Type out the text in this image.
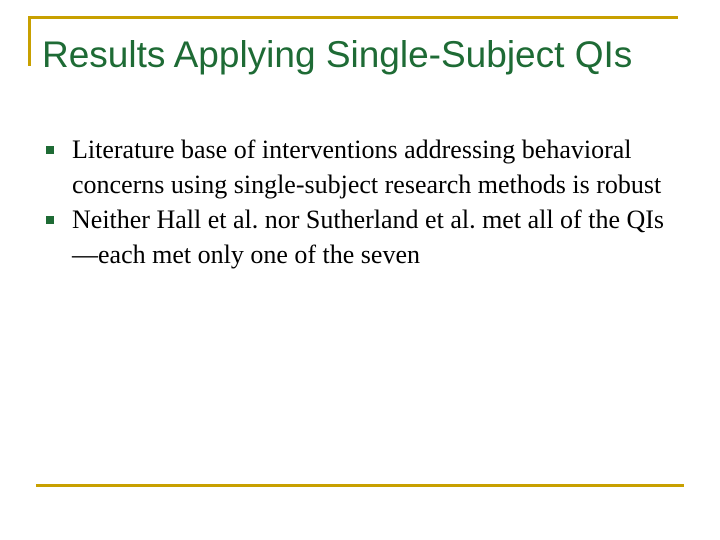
Results Applying Single-Subject QIs
Literature base of interventions addressing behavioral concerns using single-subject research methods is robust
Neither Hall et al. nor Sutherland et al. met all of the QIs—each met only one of the seven
